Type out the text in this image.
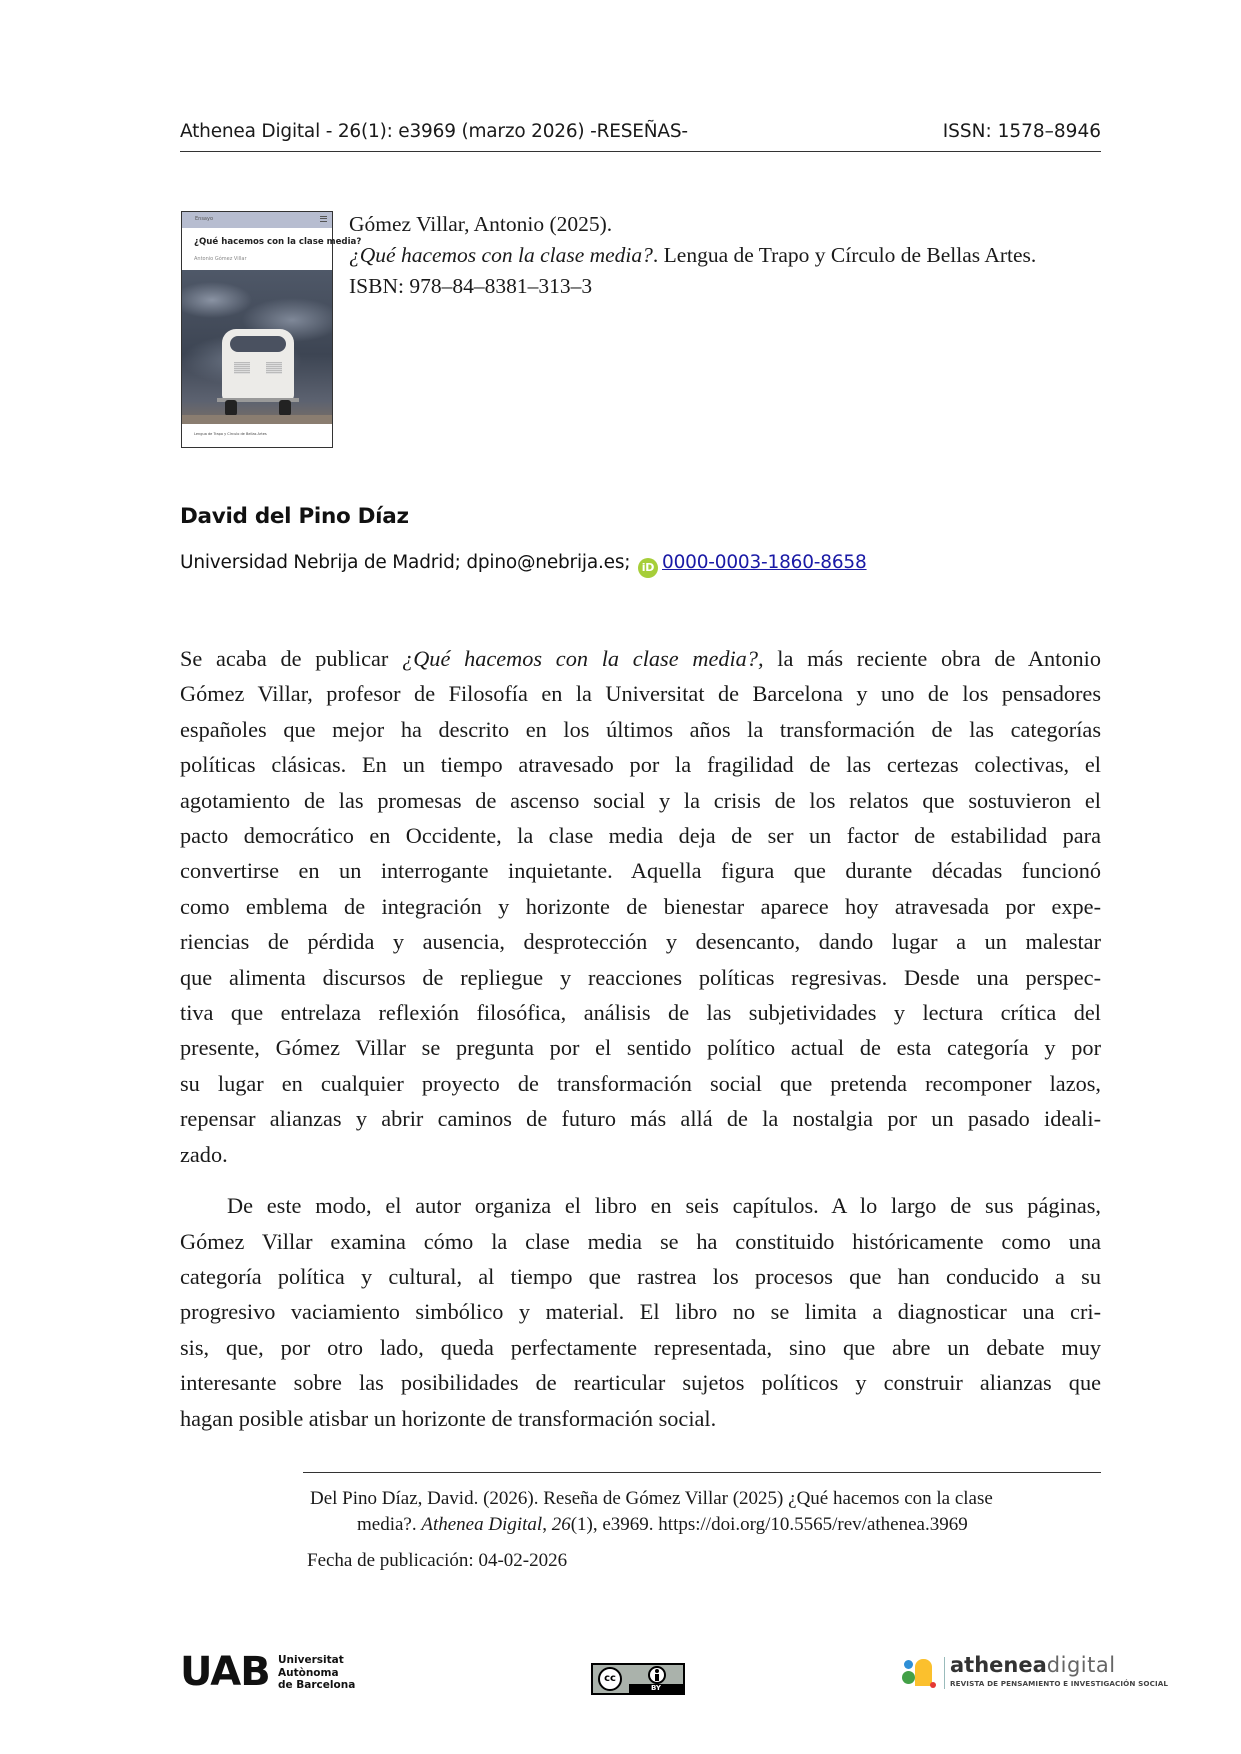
Athenea Digital - 26(1): e3969 (marzo 2026) -RESEÑAS-	ISSN: 1578–8946
Ensayo
¿Qué hacemos con la clase media?
Antonio Gómez Villar
Lengua de Trapo y Círculo de Bellas Artes
Gómez Villar, Antonio (2025).
¿Qué hacemos con la clase media?. Lengua de Trapo y Círculo de Bellas Artes.
ISBN: 978–84–8381–313–3
David del Pino Díaz
Universidad Nebrija de Madrid; dpino@nebrija.es; iD 0000-0003-1860-8658

Se acaba de publicar ¿Qué hacemos con la clase media?, la más reciente obra de Antonio
Gómez Villar, profesor de Filosofía en la Universitat de Barcelona y uno de los pensadores
españoles que mejor ha descrito en los últimos años la transformación de las categorías
políticas clásicas. En un tiempo atravesado por la fragilidad de las certezas colectivas, el
agotamiento de las promesas de ascenso social y la crisis de los relatos que sostuvieron el
pacto democrático en Occidente, la clase media deja de ser un factor de estabilidad para
convertirse en un interrogante inquietante. Aquella figura que durante décadas funcionó
como emblema de integración y horizonte de bienestar aparece hoy atravesada por expe-
riencias de pérdida y ausencia, desprotección y desencanto, dando lugar a un malestar
que alimenta discursos de repliegue y reacciones políticas regresivas. Desde una perspec-
tiva que entrelaza reflexión filosófica, análisis de las subjetividades y lectura crítica del
presente, Gómez Villar se pregunta por el sentido político actual de esta categoría y por
su lugar en cualquier proyecto de transformación social que pretenda recomponer lazos,
repensar alianzas y abrir caminos de futuro más allá de la nostalgia por un pasado ideali-
zado.

De este modo, el autor organiza el libro en seis capítulos. A lo largo de sus páginas,
Gómez Villar examina cómo la clase media se ha constituido históricamente como una
categoría política y cultural, al tiempo que rastrea los procesos que han conducido a su
progresivo vaciamiento simbólico y material. El libro no se limita a diagnosticar una cri-
sis, que, por otro lado, queda perfectamente representada, sino que abre un debate muy
interesante sobre las posibilidades de rearticular sujetos políticos y construir alianzas que
hagan posible atisbar un horizonte de transformación social.

Del Pino Díaz, David. (2026). Reseña de Gómez Villar (2025) ¿Qué hacemos con la clase
media?. Athenea Digital, 26(1), e3969. https://doi.org/10.5565/rev/athenea.3969
Fecha de publicación: 04-02-2026
UAB Universitat
Autònoma
de Barcelona
cc
BY
atheneadigital
REVISTA DE PENSAMIENTO E INVESTIGACIÓN SOCIAL
